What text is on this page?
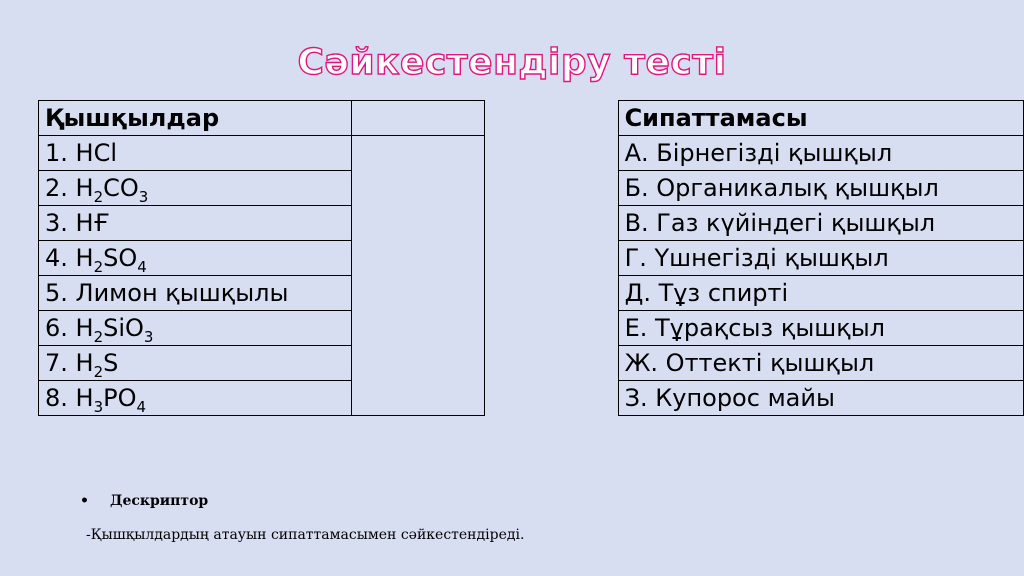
Сәйкестендіру тесті
Қышқылдар			Сипаттамасы
1. HCl			А. Бірнегізді қышқыл
2. $H_2CO_3$			Б. Органикалық қышқыл
3. HҒ			В. Газ күйіндегі қышқыл
4. $H_2SO_4$			Г. Үшнегізді қышқыл
5. Лимон қышқылы			Д. Тұз спирті
6. $H_2SiO_3$			Е. Тұрақсыз қышқыл
7. $H_2S$			Ж. Оттекті қышқыл
8. $H_3PO_4$			З. Купорос майы
• Дескриптор
-Қышқылдардың атауын сипаттамасымен сәйкестендіреді.
